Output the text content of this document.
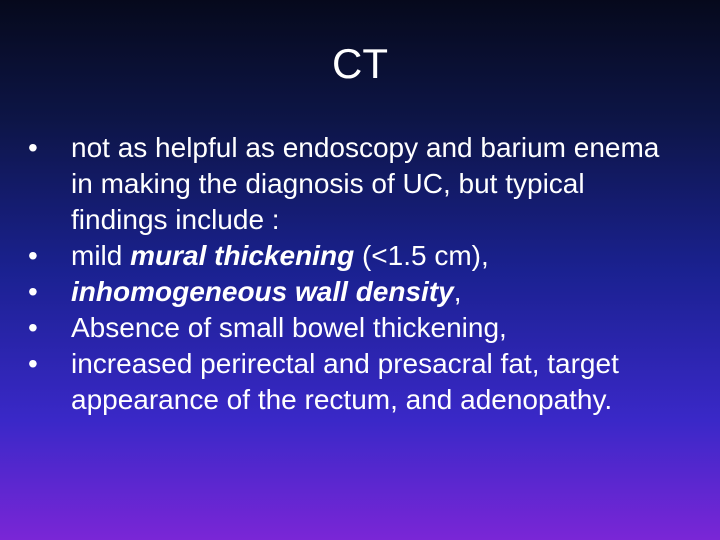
CT
•	not as helpful as endoscopy and barium enema in making the diagnosis of UC, but typical findings include :
•	mild mural thickening (<1.5 cm),
•	inhomogeneous wall density,
•	Absence of small bowel thickening,
•	increased perirectal and presacral fat, target appearance of the rectum, and adenopathy.
